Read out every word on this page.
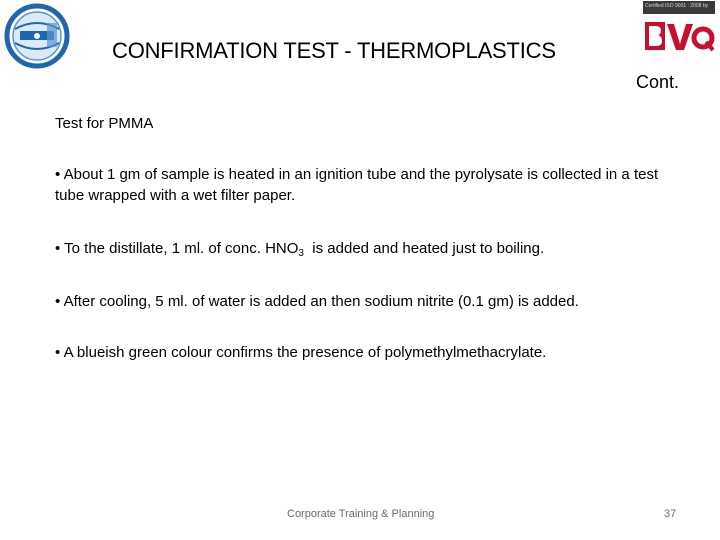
Certified ISO 9001 : 2008 by
CONFIRMATION TEST - THERMOPLASTICS
Cont.
Test for PMMA
• About 1 gm of sample is heated in an ignition tube and the pyrolysate is collected in a test tube wrapped with a wet filter paper.
• To the distillate, 1 ml. of conc. $HNO_3$  is added and heated just to boiling.
• After cooling, 5 ml. of water is added an then sodium nitrite (0.1 gm) is added.
• A blueish green colour confirms the presence of polymethylmethacrylate.
Corporate Training & Planning	37
